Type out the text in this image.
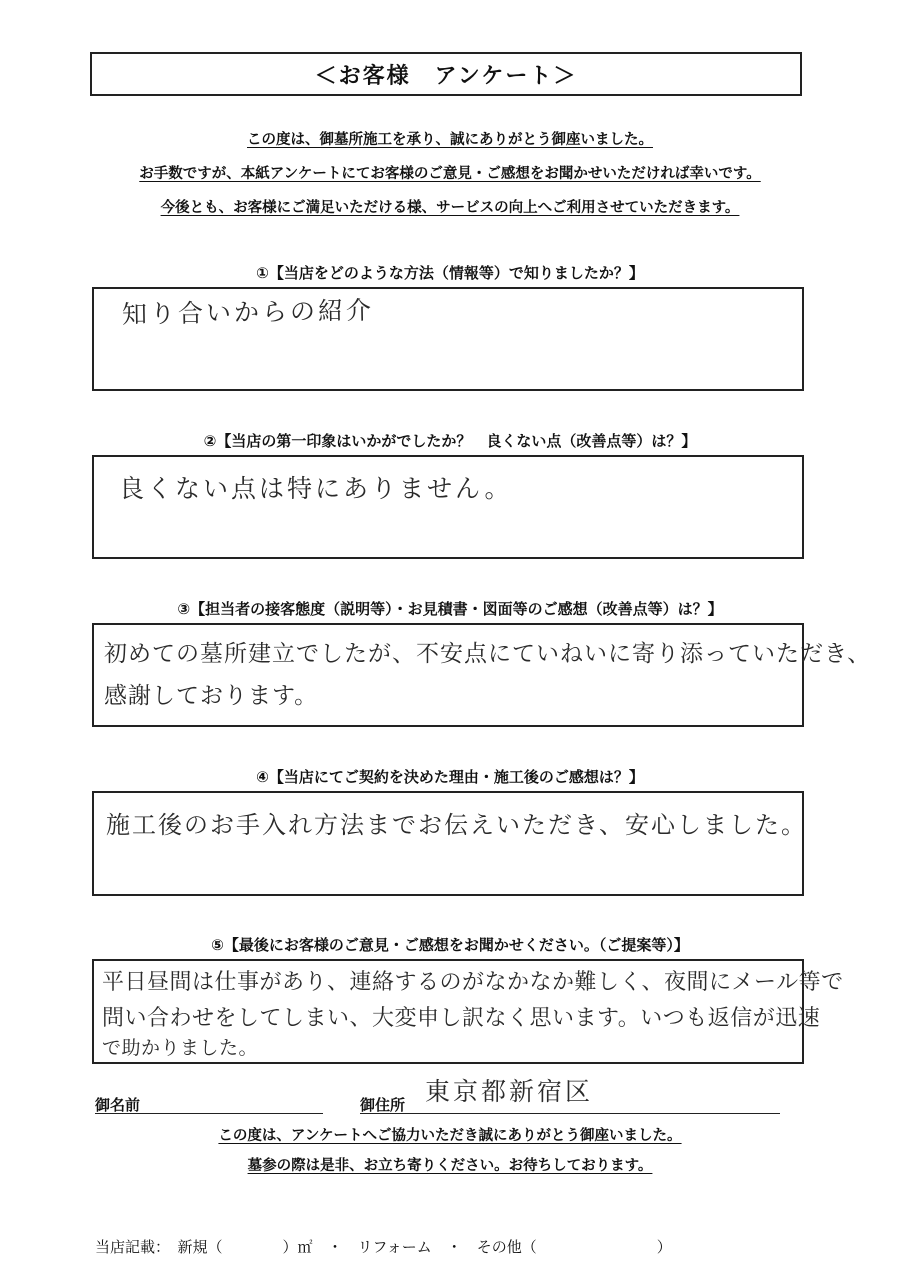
＜お客様　アンケート＞
この度は、御墓所施工を承り、誠にありがとう御座いました。
お手数ですが、本紙アンケートにてお客様のご意見・ご感想をお聞かせいただければ幸いです。
今後とも、お客様にご満足いただける様、サービスの向上へご利用させていただきます。
①【当店をどのような方法（情報等）で知りましたか？】
知り合いからの紹介
②【当店の第一印象はいかがでしたか？　良くない点（改善点等）は？】
良くない点は特にありません。
③【担当者の接客態度（説明等）・お見積書・図面等のご感想（改善点等）は？】
初めての墓所建立でしたが、不安点にていねいに寄り添っていただき、
感謝しております。
④【当店にてご契約を決めた理由・施工後のご感想は？】
施工後のお手入れ方法までお伝えいただき、安心しました。
⑤【最後にお客様のご意見・ご感想をお聞かせください。（ご提案等）】
平日昼間は仕事があり、連絡するのがなかなか難しく、夜間にメール等で
問い合わせをしてしまい、大変申し訳なく思います。いつも返信が迅速
で助かりました。
御名前	御住所 東京都新宿区
この度は、アンケートへご協力いただき誠にありがとう御座いました。
墓参の際は是非、お立ち寄りください。お待ちしております。
当店記載：　新規（　　　　）㎡　・　リフォーム　・　その他（　　　　　　　　）
